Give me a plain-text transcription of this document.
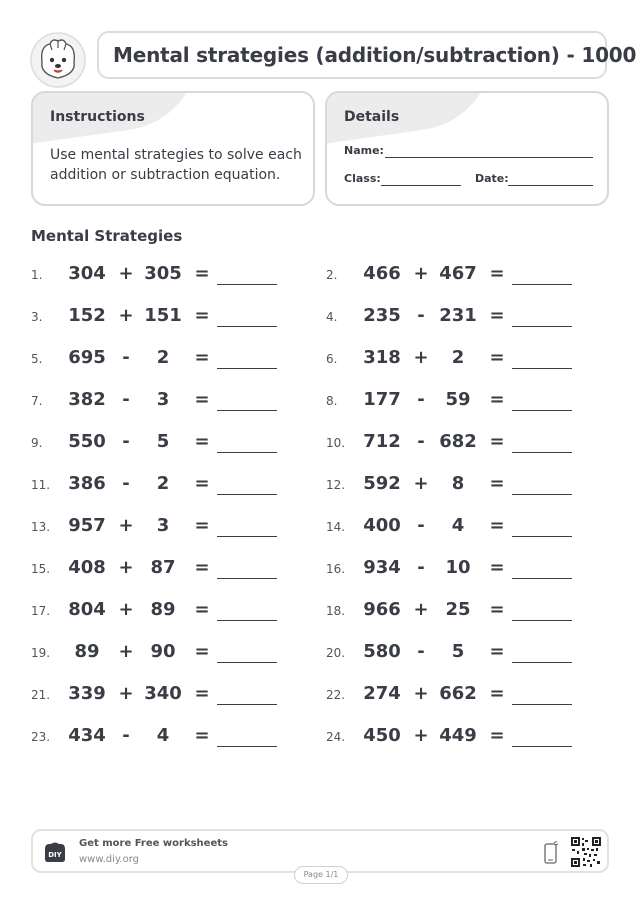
Mental strategies (addition/subtraction) - 1000
Instructions

Use mental strategies to solve each addition or subtraction equation.

Details
Name:
Class:	Date:
Mental Strategies
1.	304 + 305 =	2.	466 + 467 =
3.	152 + 151 =	4.	235 - 231 =
5.	695 -	2	=	6.	318 +	2	=
7.	382 -	3	=	8.	177 -	59	=
9.	550 -	5	=	10.	712 - 682 =
11.	386 -	2	=	12.	592 +	8	=
13.	957 +	3	=	14.	400 -	4	=
15.	408 + 87	=	16.	934 -	10	=
17.	804 + 89	=	18.	966 + 25	=
19.	89	+ 90	=	20.	580 -	5	=
21.	339 + 340 =	22.	274 + 662 =
23.	434 -	4	=	24.	450 + 449 =
DIY
Get more Free worksheets
www.diy.org
Page 1/1
